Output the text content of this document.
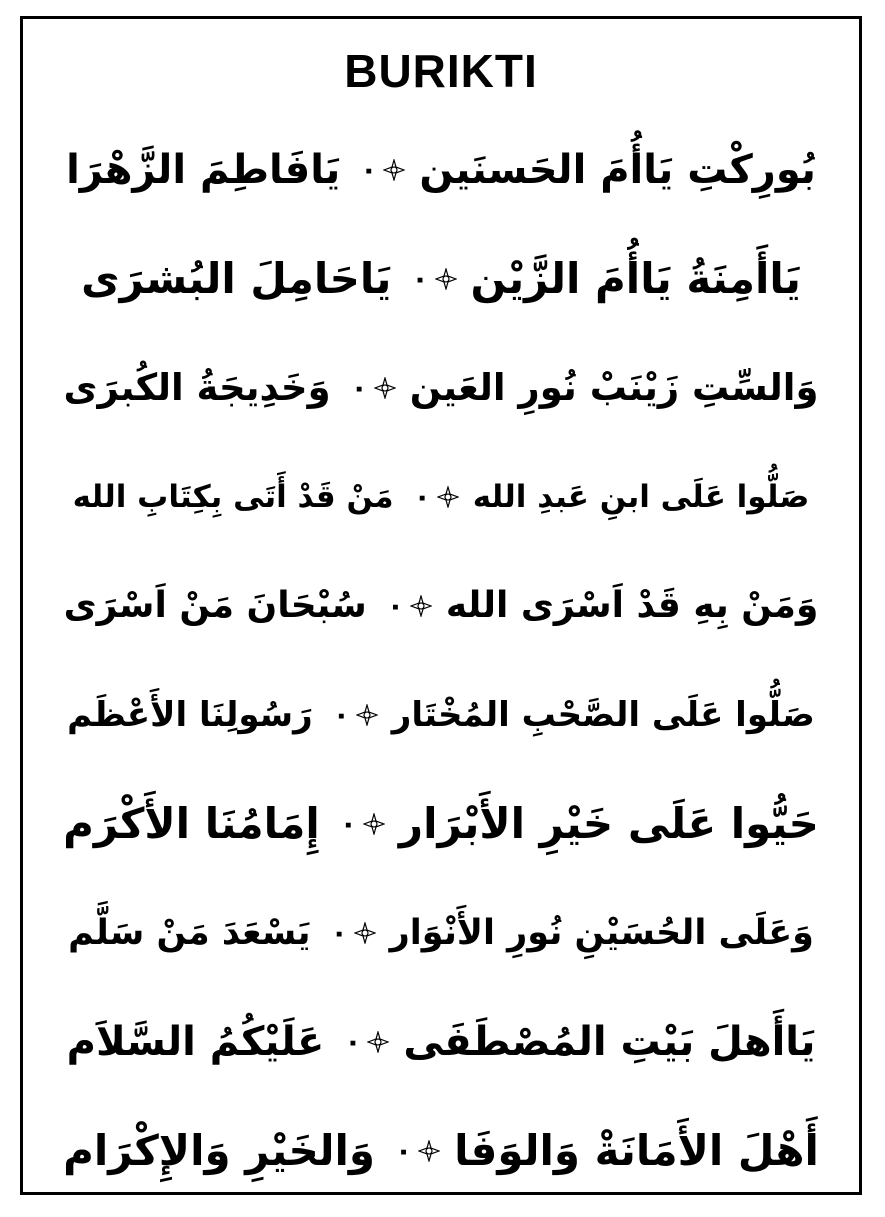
BURIKTI
بُورِكْتِ يَاأُمَ الحَسنَين
٠
يَافَاطِمَ الزَّهْرَا
يَاأَمِنَةُ يَاأُمَ الزَّيْن
٠
يَاحَامِلَ البُشرَى
وَالسِّتِ زَيْنَبْ نُورِ العَين
٠
وَخَدِيجَةُ الكُبرَى
صَلُّوا عَلَى ابنِ عَبدِ الله
٠
مَنْ قَدْ أَتَى بِكِتَابِ الله
وَمَنْ بِهِ قَدْ اَسْرَى الله
٠
سُبْحَانَ مَنْ اَسْرَى
صَلُّوا عَلَى الصَّحْبِ المُخْتَار
٠
رَسُولِنَا الأَعْظَم
حَيُّوا عَلَى خَيْرِ الأَبْرَار
٠
إِمَامُنَا الأَكْرَم
وَعَلَى الحُسَيْنِ نُورِ الأَنْوَار
٠
يَسْعَدَ مَنْ سَلَّم
يَاأَهلَ بَيْتِ المُصْطَفَى
٠
عَلَيْكُمُ السَّلاَم
أَهْلَ الأَمَانَةْ وَالوَفَا
٠
وَالخَيْرِ وَالإِكْرَام
